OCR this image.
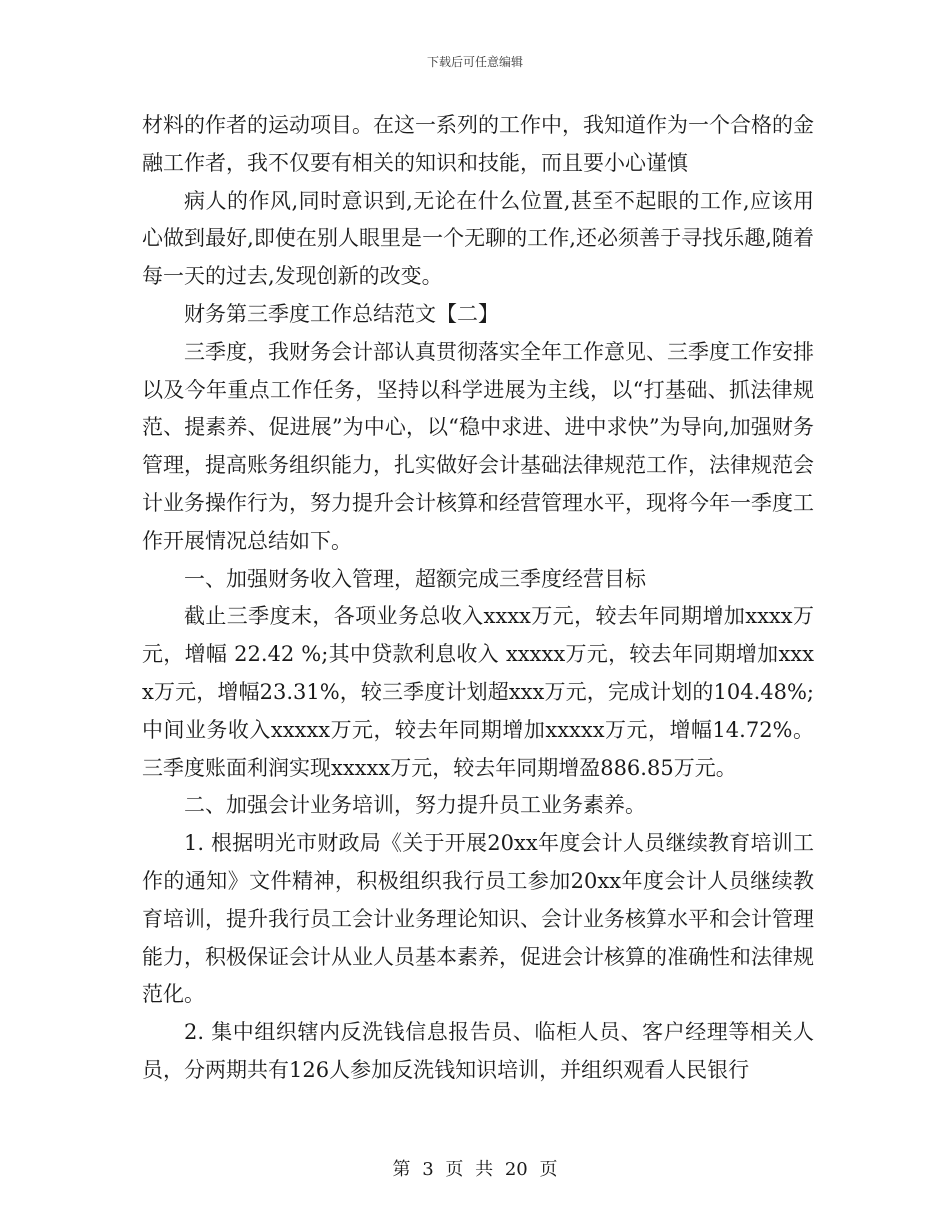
下载后可任意编辑

材料的作者的运动项目。在这一系列的工作中，我知道作为一个合格的金融工作者，我不仅要有相关的知识和技能，而且要小心谨慎

病人的作风,同时意识到,无论在什么位置,甚至不起眼的工作,应该用心做到最好,即使在别人眼里是一个无聊的工作,还必须善于寻找乐趣,随着每一天的过去,发现创新的改变。

财务第三季度工作总结范文【二】

三季度，我财务会计部认真贯彻落实全年工作意见、三季度工作安排以及今年重点工作任务，坚持以科学进展为主线，以“打基础、抓法律规范、提素养、促进展”为中心，以“稳中求进、进中求快”为导向,加强财务管理，提高账务组织能力，扎实做好会计基础法律规范工作，法律规范会计业务操作行为，努力提升会计核算和经营管理水平，现将今年一季度工作开展情况总结如下。

一、加强财务收入管理，超额完成三季度经营目标

截止三季度末，各项业务总收入xxxx万元，较去年同期增加xxxx万元，增幅 22.42 %;其中贷款利息收入 xxxxx万元，较去年同期增加xxxx万元，增幅23.31%，较三季度计划超xxx万元，完成计划的104.48%;中间业务收入xxxxx万元，较去年同期增加xxxxx万元，增幅14.72%。 三季度账面利润实现xxxxx万元，较去年同期增盈886.85万元。

二、加强会计业务培训，努力提升员工业务素养。

1. 根据明光市财政局《关于开展20xx年度会计人员继续教育培训工作的通知》文件精神，积极组织我行员工参加20xx年度会计人员继续教育培训，提升我行员工会计业务理论知识、会计业务核算水平和会计管理能力，积极保证会计从业人员基本素养，促进会计核算的准确性和法律规范化。

2. 集中组织辖内反洗钱信息报告员、临柜人员、客户经理等相关人员，分两期共有126人参加反洗钱知识培训，并组织观看人民银行

第 3 页 共 20 页
